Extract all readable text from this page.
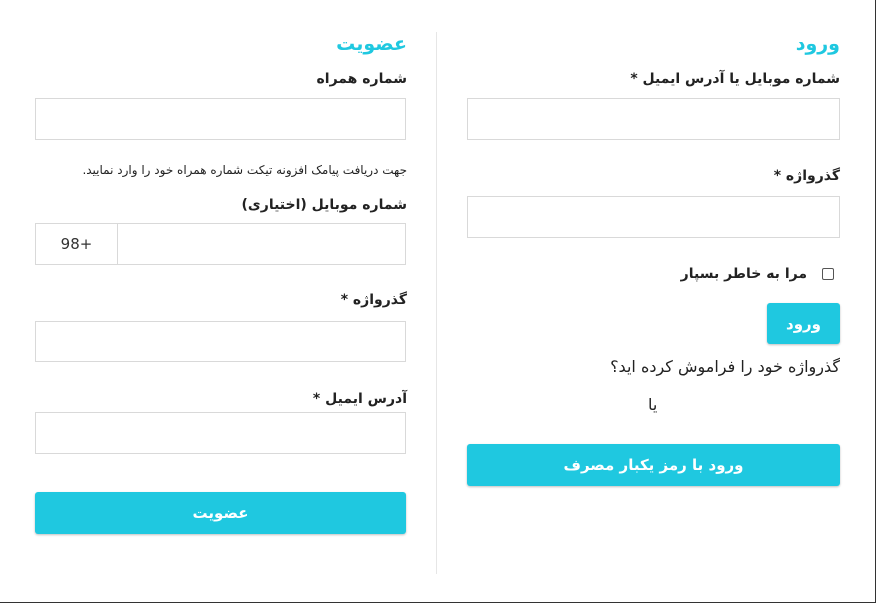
ورود
شماره موبایل یا آدرس ایمیل *
گذرواژه *
مرا به خاطر بسپار
ورود
گذرواژه خود را فراموش کرده اید؟
یا
ورود با رمز یکبار مصرف
عضویت
شماره همراه
جهت دریافت پیامک افزونه تیکت شماره همراه خود را وارد نمایید.
شماره موبایل (اختیاری)
98+
گذرواژه *
آدرس ایمیل *
عضویت
